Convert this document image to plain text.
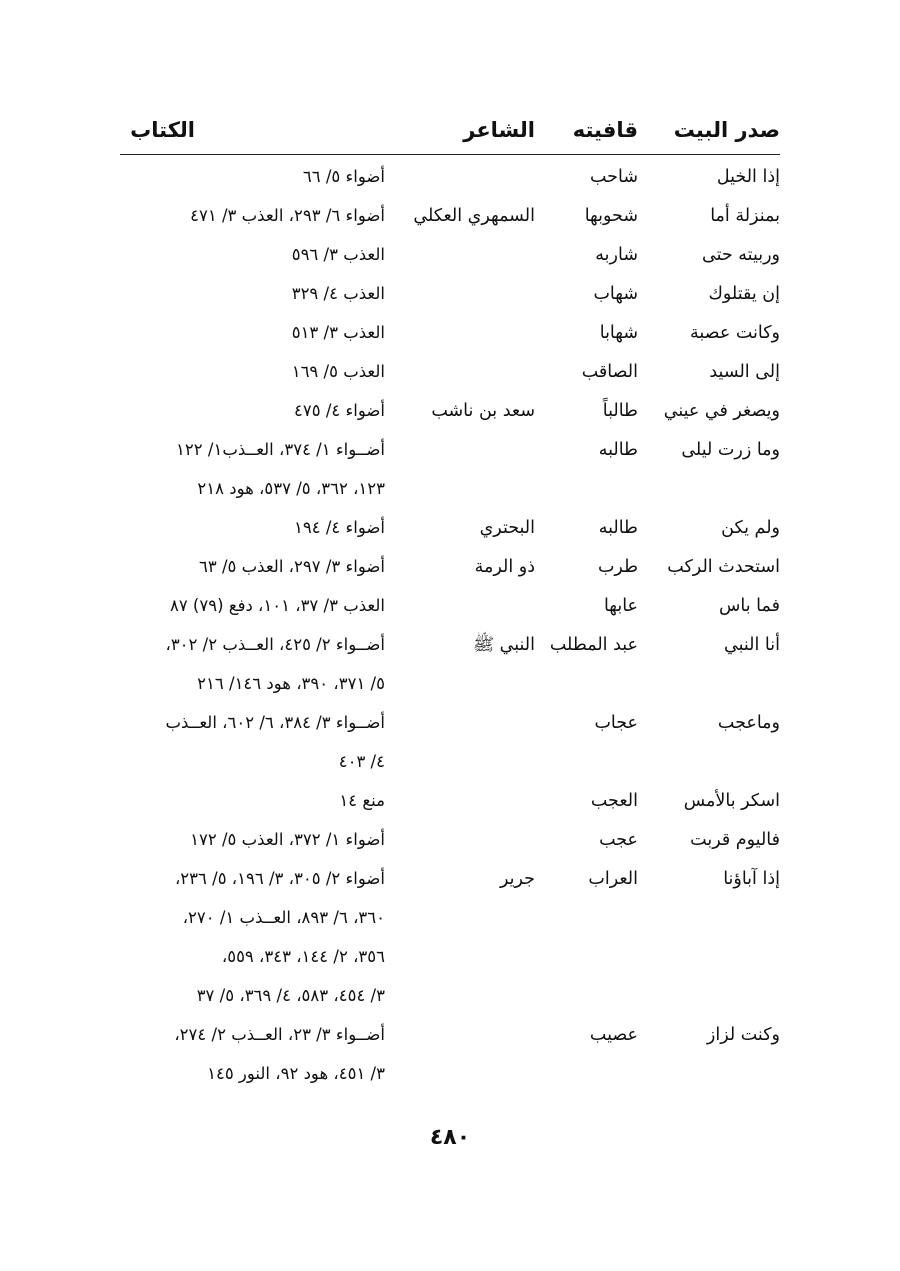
صدر البيت
قافيته
الشاعر
الكتاب
إذا الخيل
شاحب
أضواء ٥/ ٦٦
بمنزلة أما
شحوبها
السمهري العكلي
أضواء ٦/ ٢٩٣، العذب ٣/ ٤٧١
وربيته حتى
شاربه
العذب ٣/ ٥٩٦
إن يقتلوك
شهاب
العذب ٤/ ٣٢٩
وكانت عصبة
شهابا
العذب ٣/ ٥١٣
إلى السيد
الصاقب
العذب ٥/ ١٦٩
ويصغر في عيني
طالباً
سعد بن ناشب
أضواء ٤/ ٤٧٥
وما زرت ليلى
طالبه
أضــواء ١/ ٣٧٤، العــذب١/ ١٢٢
١٢٣، ٣٦٢، ٥/ ٥٣٧، هود ٢١٨
ولم يكن
طالبه
البحتري
أضواء ٤/ ١٩٤
استحدث الركب
طرب
ذو الرمة
أضواء ٣/ ٢٩٧، العذب ٥/ ٦٣
فما باس
عابها
العذب ٣/ ٣٧، ١٠١، دفع (٧٩) ٨٧
أنا النبي
عبد المطلب
النبي ﷺ
أضــواء ٢/ ٤٢٥، العــذب ٢/ ٣٠٢،
٥/ ٣٧١، ٣٩٠، هود ١٤٦/ ٢١٦
وماعجب
عجاب
أضــواء ٣/ ٣٨٤، ٦/ ٦٠٢، العــذب
٤/ ٤٠٣
اسكر بالأمس
العجب
منع ١٤
فاليوم قربت
عجب
أضواء ١/ ٣٧٢، العذب ٥/ ١٧٢
إذا آباؤنا
العراب
جرير
أضواء ٢/ ٣٠٥، ٣/ ١٩٦، ٥/ ٢٣٦،
٣٦٠، ٦/ ٨٩٣، العــذب ١/ ٢٧٠،
٣٥٦، ٢/ ١٤٤، ٣٤٣، ٥٥٩،
٣/ ٤٥٤، ٥٨٣، ٤/ ٣٦٩، ٥/ ٣٧
وكنت لزاز
عصيب
أضــواء ٣/ ٢٣، العــذب ٢/ ٢٧٤،
٣/ ٤٥١، هود ٩٢، النور ١٤٥
٤٨٠
